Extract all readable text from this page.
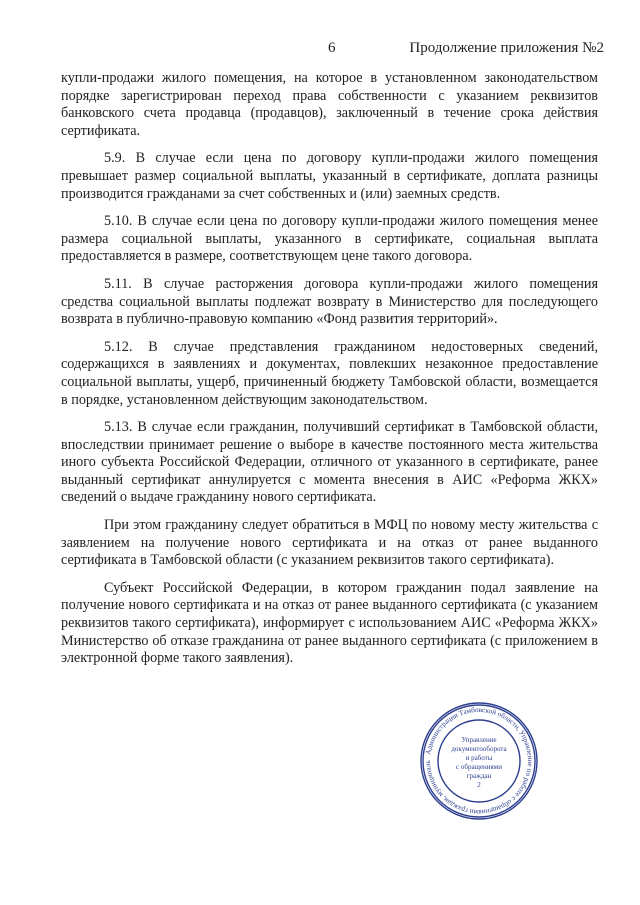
6	Продолжение приложения №2

купли-продажи жилого помещения, на которое в установленном законодательством порядке зарегистрирован переход права собственности с указанием реквизитов банковского счета продавца (продавцов), заключенный в течение срока действия сертификата.

5.9. В случае если цена по договору купли-продажи жилого помещения превышает размер социальной выплаты, указанный в сертификате, доплата разницы производится гражданами за счет собственных и (или) заемных средств.

5.10. В случае если цена по договору купли-продажи жилого помещения менее размера социальной выплаты, указанного в сертификате, социальная выплата предоставляется в размере, соответствующем цене такого договора.

5.11. В случае расторжения договора купли-продажи жилого помещения средства социальной выплаты подлежат возврату в Министерство для последующего возврата в публично-правовую компанию «Фонд развития территорий».

5.12. В случае представления гражданином недостоверных сведений, содержащихся в заявлениях и документах, повлекших незаконное предоставление социальной выплаты, ущерб, причиненный бюджету Тамбовской области, возмещается в порядке, установленном действующим законодательством.

5.13. В случае если гражданин, получивший сертификат в Тамбовской области, впоследствии принимает решение о выборе в качестве постоянного места жительства иного субъекта Российской Федерации, отличного от указанного в сертификате, ранее выданный сертификат аннулируется с момента внесения в АИС «Реформа ЖКХ» сведений о выдаче гражданину нового сертификата.

При этом гражданину следует обратиться в МФЦ по новому месту жительства с заявлением на получение нового сертификата и на отказ от ранее выданного сертификата в Тамбовской области (с указанием реквизитов такого сертификата).

Субъект Российской Федерации, в котором гражданин подал заявление на получение нового сертификата и на отказ от ранее выданного сертификата (с указанием реквизитов такого сертификата), информирует с использованием АИС «Реформа ЖКХ» Министерство об отказе гражданина от ранее выданного сертификата (с приложением в электронной форме такого заявления).

Администрация Тамбовской области, Управление по работе с обращениями граждан, муниципаль
Управление
документооборота
и работы
с обращениями
граждан
2
